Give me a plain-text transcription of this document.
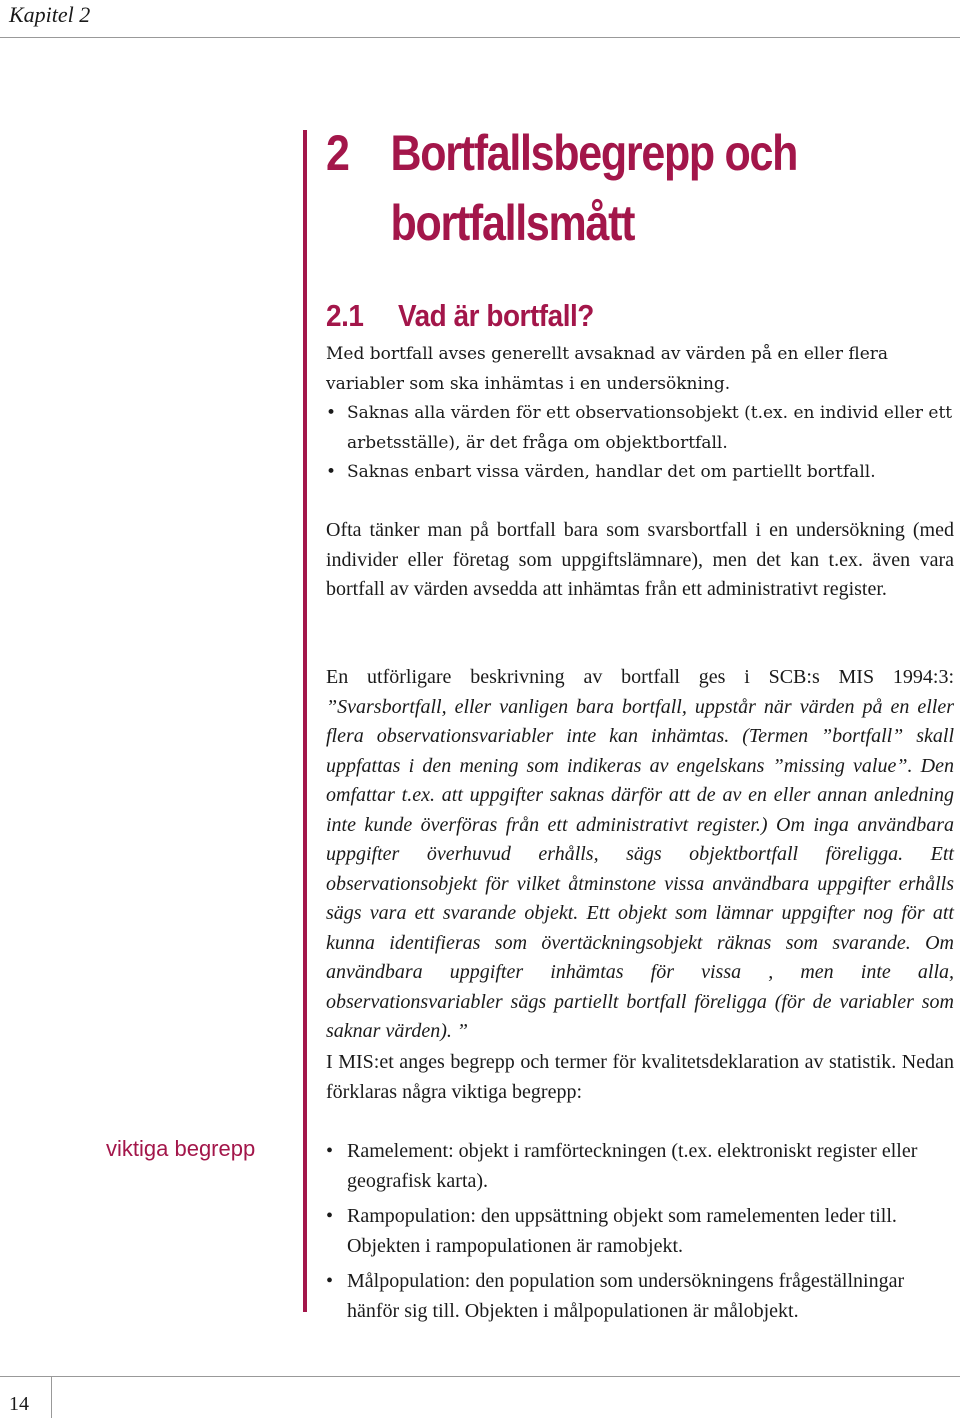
Kapitel 2
2 Bortfallsbegrepp och
bortfallsmått
2.1 Vad är bortfall?
Med bortfall avses generellt avsaknad av värden på en eller flera variabler som ska inhämtas i en undersökning.
• Saknas alla värden för ett observationsobjekt (t.ex. en individ eller ett arbetsställe), är det fråga om objektbortfall.
• Saknas enbart vissa värden, handlar det om partiellt bortfall.
Ofta tänker man på bortfall bara som svarsbortfall i en undersökning (med individer eller företag som uppgiftslämnare), men det kan t.ex. även vara bortfall av värden avsedda att inhämtas från ett administrativt register.
En utförligare beskrivning av bortfall ges i SCB:s MIS 1994:3: ”Svarsbortfall, eller vanligen bara bortfall, uppstår när värden på en eller flera observationsvariabler inte kan inhämtas. (Termen ”bortfall” skall uppfattas i den mening som indikeras av engelskans ”missing value”. Den omfattar t.ex. att uppgifter saknas därför att de av en eller annan anledning inte kunde överföras från ett administrativt register.) Om inga användbara uppgifter överhuvud erhålls, sägs objektbortfall föreligga. Ett observationsobjekt för vilket åtminstone vissa användbara uppgifter erhålls sägs vara ett svarande objekt. Ett objekt som lämnar uppgifter nog för att kunna identifieras som övertäckningsobjekt räknas som svarande. Om användbara uppgifter inhämtas för vissa , men inte alla, observationsvariabler sägs partiellt bortfall föreligga (för de variabler som saknar värden). ”
I MIS:et anges begrepp och termer för kvalitetsdeklaration av statistik. Nedan förklaras några viktiga begrepp:
viktiga begrepp
•	Ramelement: objekt i ramförteckningen (t.ex. elektroniskt register eller geografisk karta).
• Rampopulation: den uppsättning objekt som ramelementen leder till. Objekten i rampopulationen är ramobjekt.
• Målpopulation: den population som undersökningens frågeställningar hänför sig till. Objekten i målpopulationen är målobjekt.
14
